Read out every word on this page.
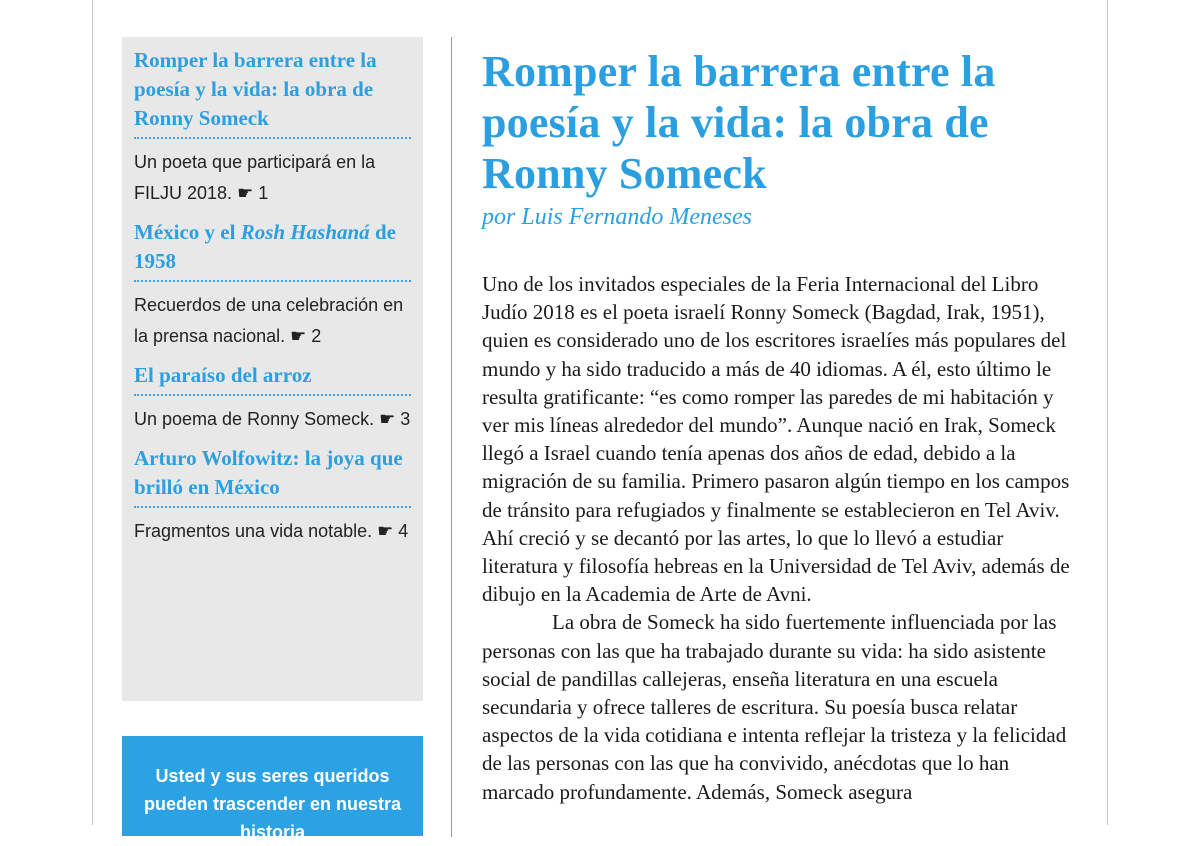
Romper la barrera entre la poesía y la vida: la obra de Ronny Someck

Un poeta que participará en la FILJU 2018. ☛ 1

México y el Rosh Hashaná de 1958

Recuerdos de una celebración en la prensa nacional. ☛ 2

El paraíso del arroz

Un poema de Ronny Someck. ☛ 3

Arturo Wolfowitz: la joya que brilló en México

Fragmentos una vida notable. ☛ 4

Usted y sus seres queridos pueden trascender en nuestra historia
Romper la barrera entre la poesía y la vida: la obra de Ronny Someck

por Luis Fernando Meneses

Uno de los invitados especiales de la Feria Internacional del Libro Judío 2018 es el poeta israelí Ronny Someck (Bagdad, Irak, 1951), quien es considerado uno de los escritores israelíes más populares del mundo y ha sido traducido a más de 40 idiomas. A él, esto último le resulta gratificante: “es como romper las paredes de mi habitación y ver mis líneas alrededor del mundo”. Aunque nació en Irak, Someck llegó a Israel cuando tenía apenas dos años de edad, debido a la migración de su familia. Primero pasaron algún tiempo en los campos de tránsito para refugiados y finalmente se establecieron en Tel Aviv. Ahí creció y se decantó por las artes, lo que lo llevó a estudiar literatura y filosofía hebreas en la Universidad de Tel Aviv, además de dibujo en la Academia de Arte de Avni.

La obra de Someck ha sido fuertemente influenciada por las personas con las que ha trabajado durante su vida: ha sido asistente social de pandillas callejeras, enseña literatura en una escuela secundaria y ofrece talleres de escritura. Su poesía busca relatar aspectos de la vida cotidiana e intenta reflejar la tristeza y la felicidad de las personas con las que ha convivido, anécdotas que lo han marcado profundamente. Además, Someck asegura
